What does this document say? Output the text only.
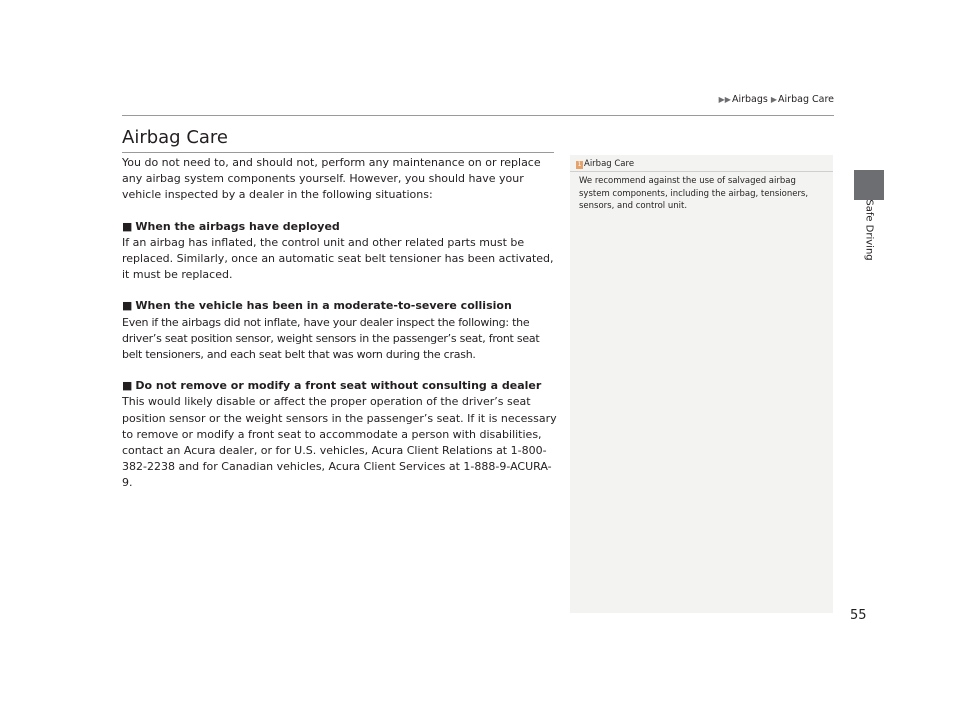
▶▶Airbags ▶Airbag Care
Safe Driving
Airbag Care

You do not need to, and should not, perform any maintenance on or replace any airbag system components yourself. However, you should have your vehicle inspected by a dealer in the following situations:

■ When the airbags have deployed

If an airbag has inflated, the control unit and other related parts must be replaced. Similarly, once an automatic seat belt tensioner has been activated, it must be replaced.

■ When the vehicle has been in a moderate-to-severe collision

Even if the airbags did not inflate, have your dealer inspect the following: the driver’s seat position sensor, weight sensors in the passenger’s seat, front seat belt tensioners, and each seat belt that was worn during the crash.

■ Do not remove or modify a front seat without consulting a dealer

This would likely disable or affect the proper operation of the driver’s seat position sensor or the weight sensors in the passenger’s seat. If it is necessary to remove or modify a front seat to accommodate a person with disabilities, contact an Acura dealer, or for U.S. vehicles, Acura Client Relations at 1-800-382-2238 and for Canadian vehicles, Acura Client Services at 1-888-9-ACURA-9.

1 Airbag Care
We recommend against the use of salvaged airbag system components, including the airbag, tensioners, sensors, and control unit.
55
